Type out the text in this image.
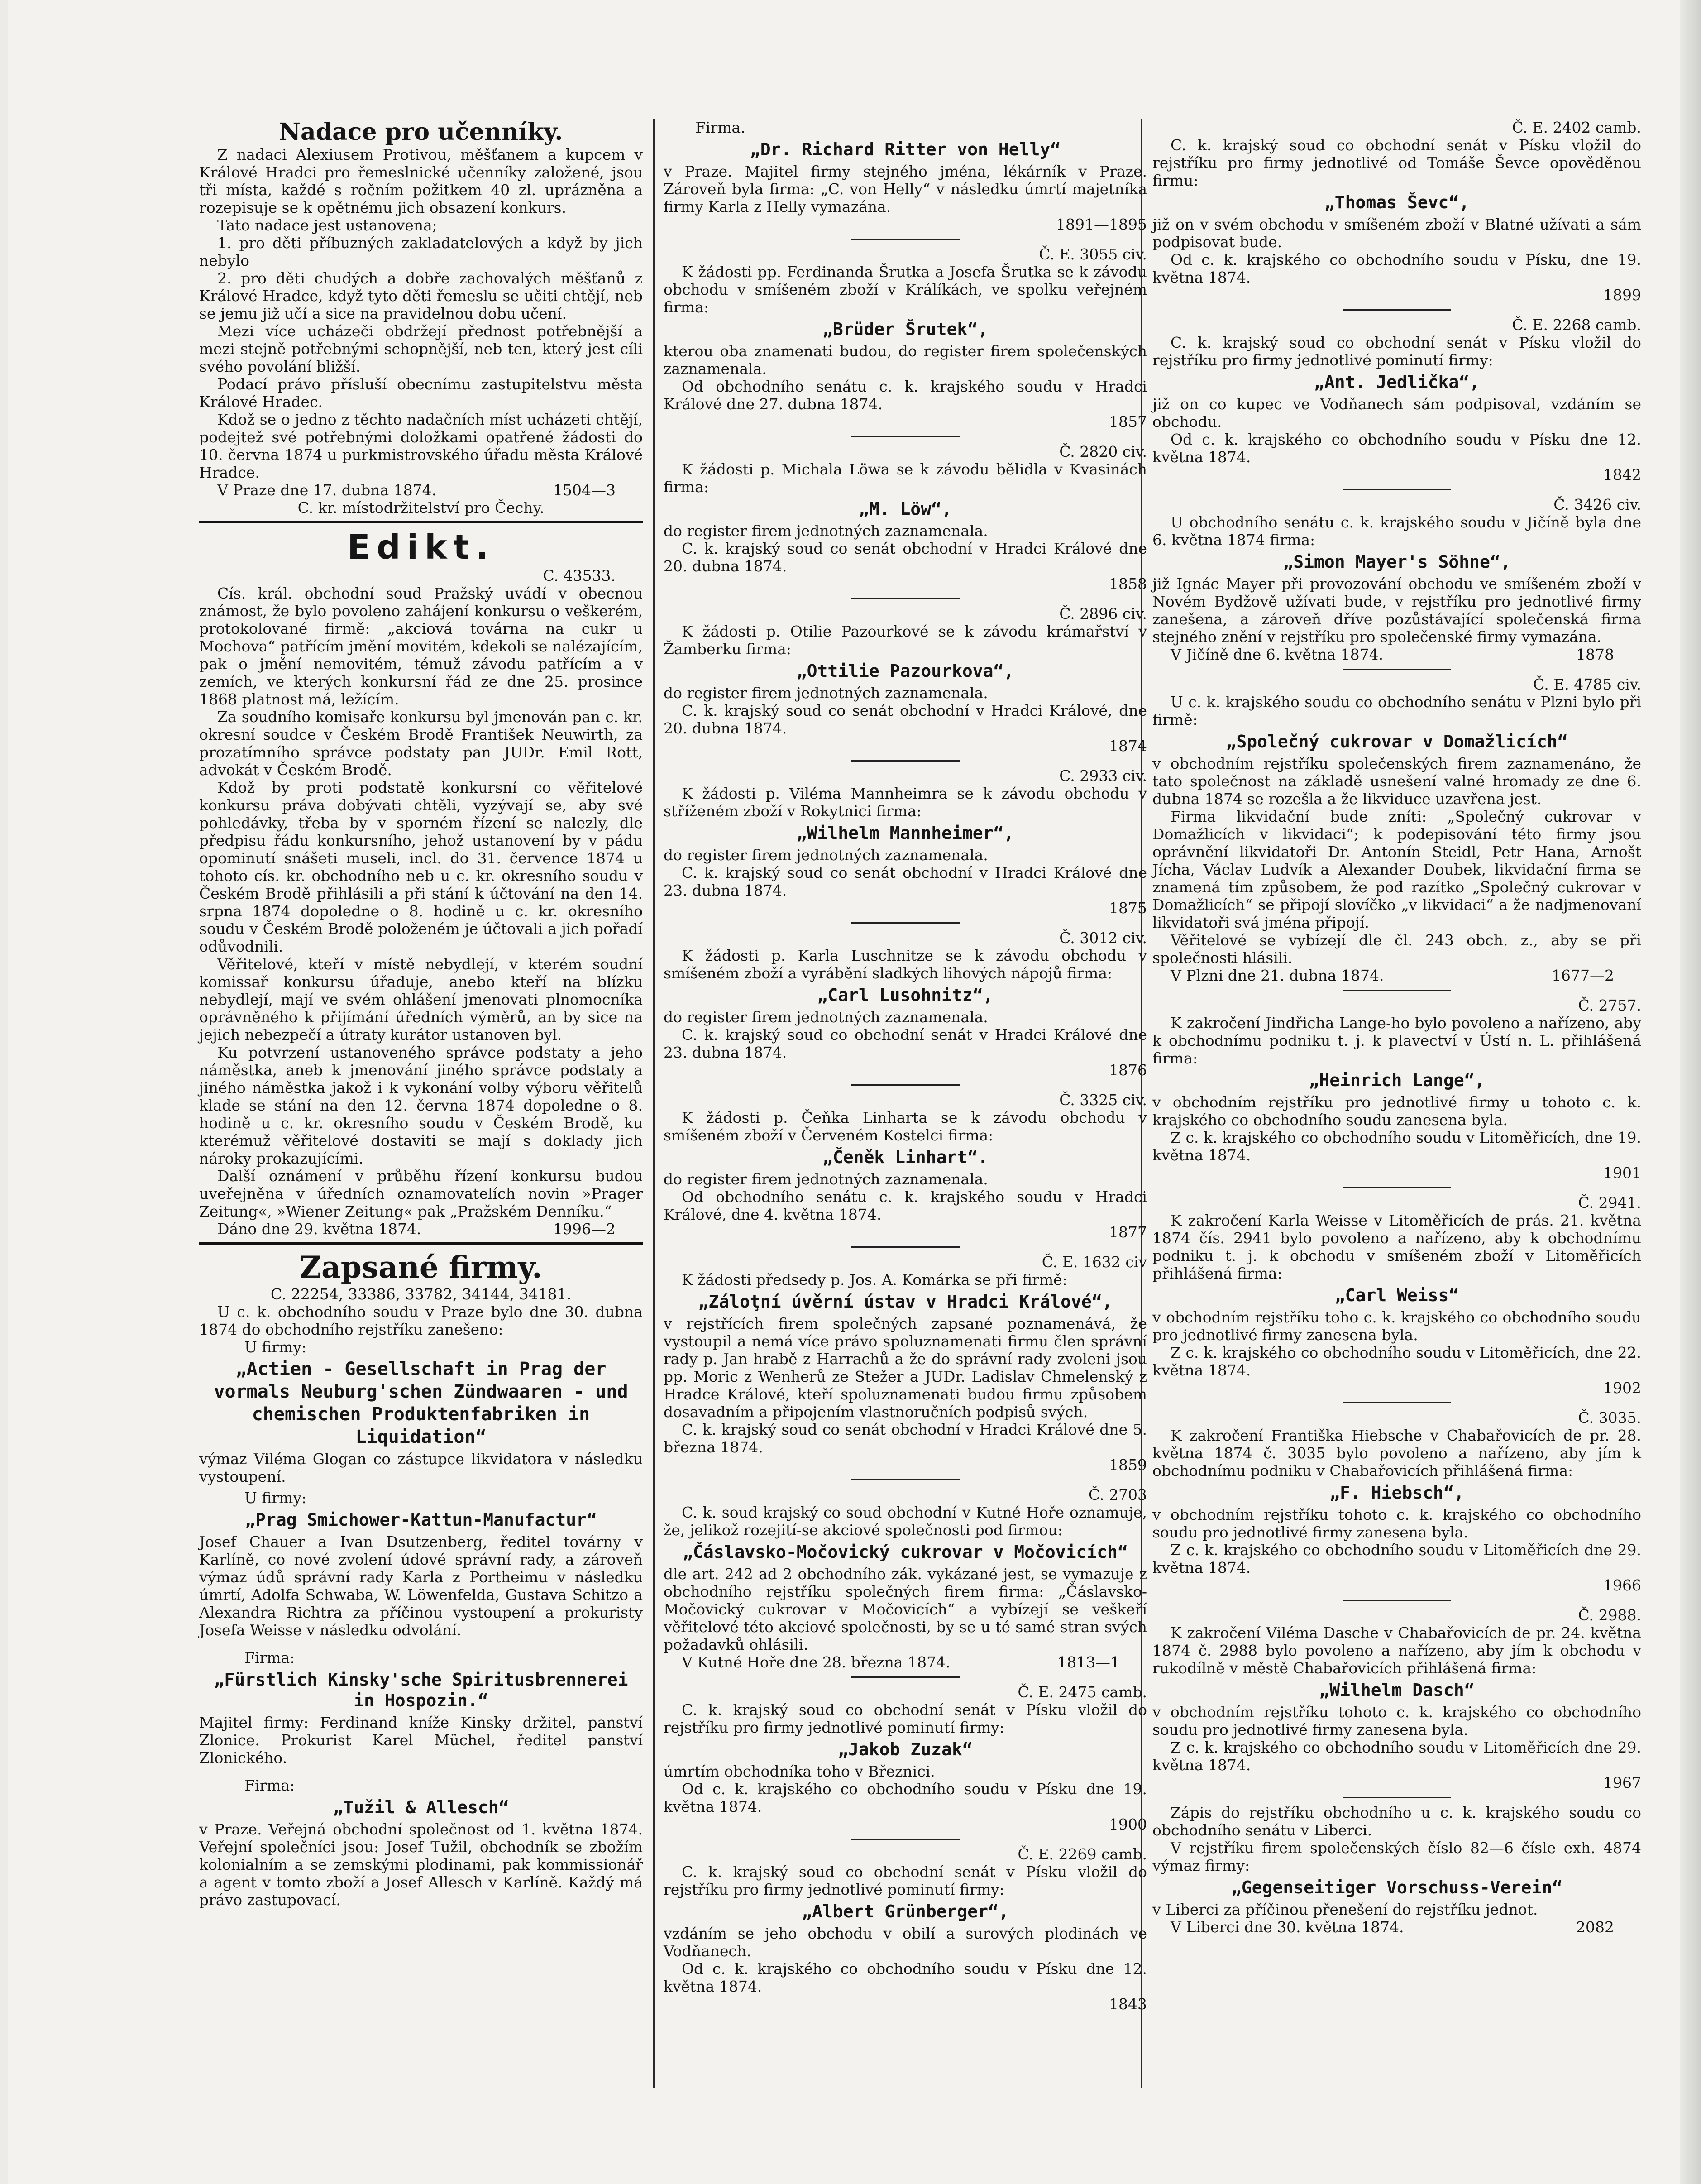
Nadace pro učenníky.

Z nadaci Alexiusem Protivou, měšťanem a kupcem v Králové Hradci pro řemeslnické učenníky založené, jsou tři místa, každé s ročním požitkem 40 zl. uprázněna a rozepisuje se k opětnému jich obsazení konkurs.

Tato nadace jest ustanovena;

1. pro děti příbuzných zakladatelových a když by jich nebylo

2. pro děti chudých a dobře zachovalých měšťanů z Králové Hradce, když tyto děti řemeslu se učiti chtějí, neb se jemu již učí a sice na pravidelnou dobu učení.

Mezi více ucházeči obdržejí přednost potřebnější a mezi stejně potřebnými schopnější, neb ten, který jest cíli svého povolání bližší.

Podací právo přísluší obecnímu zastupitelstvu města Králové Hradec.

Kdož se o jedno z těchto nadačních míst ucházeti chtějí, podejtež své potřebnými doložkami opatřené žádosti do 10. června 1874 u purkmistrovského úřadu města Králové Hradce.

V Praze dne 17. dubna 1874.	1504—3

C. kr. místodržitelství pro Čechy.

Edikt.

C. 43533.

Cís. král. obchodní soud Pražský uvádí v obecnou známost, že bylo povoleno zahájení konkursu o veškerém, protokolované firmě: „akciová továrna na cukr u Mochova“ patřícím jmění movitém, kdekoli se nalézajícím, pak o jmění nemovitém, témuž závodu patřícím a v zemích, ve kterých konkursní řád ze dne 25. prosince 1868 platnost má, ležícím.

Za soudního komisaře konkursu byl jmenován pan c. kr. okresní soudce v Českém Brodě František Neuwirth, za prozatímního správce podstaty pan JUDr. Emil Rott, advokát v Českém Brodě.

Kdož by proti podstatě konkursní co věřitelové konkursu práva dobývati chtěli, vyzývají se, aby své pohledávky, třeba by v sporném řízení se nalezly, dle předpisu řádu konkursního, jehož ustanovení by v pádu opominutí snášeti museli, incl. do 31. července 1874 u tohoto cís. kr. obchodního neb u c. kr. okresního soudu v Českém Brodě přihlásili a při stání k účtování na den 14. srpna 1874 dopoledne o 8. hodině u c. kr. okresního soudu v Českém Brodě položeném je účtovali a jich pořadí odůvodnili.

Věřitelové, kteří v místě nebydlejí, v kterém soudní komissař konkursu úřaduje, anebo kteří na blízku nebydlejí, mají ve svém ohlášení jmenovati plnomocníka oprávněného k přijímání úředních výměrů, an by sice na jejich nebezpečí a útraty kurátor ustanoven byl.

Ku potvrzení ustanoveného správce podstaty a jeho náměstka, aneb k jmenování jiného správce podstaty a jiného náměstka jakož i k vykonání volby výboru věřitelů klade se stání na den 12. června 1874 dopoledne o 8. hodině u c. kr. okresního soudu v Českém Brodě, ku kterémuž věřitelové dostaviti se mají s doklady jich nároky prokazujícími.

Další oznámení v průběhu řízení konkursu budou uveřejněna v úředních oznamovatelích novin »Prager Zeitung«, »Wiener Zeitung« pak „Pražském Denníku.“

Dáno dne 29. května 1874.	1996—2

Zapsané firmy.

C. 22254, 33386, 33782, 34144, 34181.

U c. k. obchodního soudu v Praze bylo dne 30. dubna 1874 do obchodního rejstříku zanešeno:

U firmy:

„Actien - Gesellschaft in Prag der vormals Neuburg'schen Zündwaaren - und chemischen Produktenfabriken in Liquidation“

výmaz Viléma Glogan co zástupce likvidatora v následku vystoupení.

U firmy:

„Prag Smichower-Kattun-Manufactur“

Josef Chauer a Ivan Dsutzenberg, ředitel továrny v Karlíně, co nové zvolení údové správní rady, a zároveň výmaz údů správní rady Karla z Portheimu v následku úmrtí, Adolfa Schwaba, W. Löwenfelda, Gustava Schitzo a Alexandra Richtra za příčinou vystoupení a prokuristy Josefa Weisse v následku odvolání.

Firma:

„Fürstlich Kinsky'sche Spiritusbrennerei in Hospozin.“

Majitel firmy: Ferdinand kníže Kinsky držitel, panství Zlonice. Prokurist Karel Müchel, ředitel panství Zlonického.

Firma:

„Tužil & Allesch“

v Praze. Veřejná obchodní společnost od 1. května 1874. Veřejní společníci jsou: Josef Tužil, obchodník se zbožím kolonialním a se zemskými plodinami, pak kommissionář a agent v tomto zboží a Josef Allesch v Karlíně. Každý má právo zastupovací.

Firma.

„Dr. Richard Ritter von Helly“

v Praze. Majitel firmy stejného jména, lékárník v Praze. Zároveň byla firma: „C. von Helly“ v následku úmrtí majetníka firmy Karla z Helly vymazána.

1891—1895

Č. E. 3055 civ.

K žádosti pp. Ferdinanda Šrutka a Josefa Šrutka se k závodu obchodu v smíšeném zboží v Králíkách, ve spolku veřejném firma:

„Brüder Šrutek“,

kterou oba znamenati budou, do register firem společenských zaznamenala.

Od obchodního senátu c. k. krajského soudu v Hradci Králové dne 27. dubna 1874.

1857

Č. 2820 civ.

K žádosti p. Michala Löwa se k závodu bělidla v Kvasinách firma:

„M. Löw“,

do register firem jednotných zaznamenala.

C. k. krajský soud co senát obchodní v Hradci Králové dne 20. dubna 1874.

1858

Č. 2896 civ.

K žádosti p. Otilie Pazourkové se k závodu krámařství v Žamberku firma:

„Ottilie Pazourkova“,

do register firem jednotných zaznamenala.

C. k. krajský soud co senát obchodní v Hradci Králové, dne 20. dubna 1874.

1874

C. 2933 civ.

K žádosti p. Viléma Mannheimra se k závodu obchodu v stříženém zboží v Rokytnici firma:

„Wilhelm Mannheimer“,

do register firem jednotných zaznamenala.

C. k. krajský soud co senát obchodní v Hradci Králové dne 23. dubna 1874.

1875

Č. 3012 civ.

K žádosti p. Karla Luschnitze se k závodu obchodu v smíšeném zboží a vyrábění sladkých lihových nápojů firma:

„Carl Lusohnitz“,

do register firem jednotných zaznamenala.

C. k. krajský soud co obchodní senát v Hradci Králové dne 23. dubna 1874.

1876

Č. 3325 civ.

K žádosti p. Čeňka Linharta se k závodu obchodu v smíšeném zboží v Červeném Kostelci firma:

„Čeněk Linhart“.

do register firem jednotných zaznamenala.

Od obchodního senátu c. k. krajského soudu v Hradci Králové, dne 4. května 1874.

1877

Č. E. 1632 civ

K žádosti předsedy p. Jos. A. Komárka se při firmě:

„Záloţní úvěrní ústav v Hradci Králové“,

v rejstřících firem společných zapsané poznamenává, že vystoupil a nemá více právo spoluznamenati firmu člen správní rady p. Jan hrabě z Harrachů a že do správní rady zvoleni jsou pp. Moric z Wenherů ze Stežer a JUDr. Ladislav Chmelenský z Hradce Králové, kteří spoluznamenati budou firmu způsobem dosavadním a připojením vlastnoručních podpisů svých.

C. k. krajský soud co senát obchodní v Hradci Králové dne 5. března 1874.

1859

Č. 2703

C. k. soud krajský co soud obchodní v Kutné Hoře oznamuje, že, jelikož rozejití-se akciové společnosti pod firmou:

„Čáslavsko-Močovický cukrovar v Močovicích“

dle art. 242 ad 2 obchodního zák. vykázané jest, se vymazuje z obchodního rejstříku společných firem firma: „Čáslavsko-Močovický cukrovar v Močovicích“ a vybízejí se veškeří věřitelové této akciové společnosti, by se u té samé stran svých požadavků ohlásili.

V Kutné Hoře dne 28. března 1874.	1813—1

Č. E. 2475 camb.

C. k. krajský soud co obchodní senát v Písku vložil do rejstříku pro firmy jednotlivé pominutí firmy:

„Jakob Zuzak“

úmrtím obchodníka toho v Březnici.

Od c. k. krajského co obchodního soudu v Písku dne 19. května 1874.

1900

Č. E. 2269 camb.

C. k. krajský soud co obchodní senát v Písku vložil do rejstříku pro firmy jednotlivé pominutí firmy:

„Albert Grünberger“,

vzdáním se jeho obchodu v obilí a surových plodinách ve Vodňanech.

Od c. k. krajského co obchodního soudu v Písku dne 12. května 1874.

1843

Č. E. 2402 camb.

C. k. krajský soud co obchodní senát v Písku vložil do rejstříku pro firmy jednotlivé od Tomáše Ševce opověděnou firmu:

„Thomas Ševc“,

již on v svém obchodu v smíšeném zboží v Blatné užívati a sám podpisovat bude.

Od c. k. krajského co obchodního soudu v Písku, dne 19. května 1874.

1899

Č. E. 2268 camb.

C. k. krajský soud co obchodní senát v Písku vložil do rejstříku pro firmy jednotlivé pominutí firmy:

„Ant. Jedlička“,

již on co kupec ve Vodňanech sám podpisoval, vzdáním se obchodu.

Od c. k. krajského co obchodního soudu v Písku dne 12. května 1874.

1842

Č. 3426 civ.

U obchodního senátu c. k. krajského soudu v Jičíně byla dne 6. května 1874 firma:

„Simon Mayer's Söhne“,

již Ignác Mayer při provozování obchodu ve smíšeném zboží v Novém Bydžově užívati bude, v rejstříku pro jednotlivé firmy zanešena, a zároveň dříve pozůstávající společenská firma stejného znění v rejstříku pro společenské firmy vymazána.

V Jičíně dne 6. května 1874.	1878

Č. E. 4785 civ.

U c. k. krajského soudu co obchodního senátu v Plzni bylo při firmě:

„Společný cukrovar v Domažlicích“

v obchodním rejstříku společenských firem zaznamenáno, že tato společnost na základě usnešení valné hromady ze dne 6. dubna 1874 se rozešla a že likviduce uzavřena jest.

Firma likvidační bude zníti: „Společný cukrovar v Domažlicích v likvidaci“; k podepisování této firmy jsou oprávnění likvidatoři Dr. Antonín Steidl, Petr Hana, Arnošt Jícha, Václav Ludvík a Alexander Doubek, likvidační firma se znamená tím způsobem, že pod razítko „Společný cukrovar v Domažlicích“ se připojí slovíčko „v likvidaci“ a že nadjmenovaní likvidatoři svá jména připojí.

Věřitelové se vybízejí dle čl. 243 obch. z., aby se při společnosti hlásili.

V Plzni dne 21. dubna 1874.	1677—2

Č. 2757.

K zakročení Jindřicha Lange-ho bylo povoleno a nařízeno, aby k obchodnímu podniku t. j. k plavectví v Ústí n. L. přihlášená firma:

„Heinrich Lange“,

v obchodním rejstříku pro jednotlivé firmy u tohoto c. k. krajského co obchodního soudu zanesena byla.

Z c. k. krajského co obchodního soudu v Litoměřicích, dne 19. května 1874.

1901

Č. 2941.

K zakročení Karla Weisse v Litoměřicích de prás. 21. května 1874 čís. 2941 bylo povoleno a nařízeno, aby k obchodnímu podniku t. j. k obchodu v smíšeném zboží v Litoměřicích přihlášená firma:

„Carl Weiss“

v obchodním rejstříku toho c. k. krajského co obchodního soudu pro jednotlivé firmy zanesena byla.

Z c. k. krajského co obchodního soudu v Litoměřicích, dne 22. května 1874.

1902

Č. 3035.

K zakročení Františka Hiebsche v Chabařovicích de pr. 28. května 1874 č. 3035 bylo povoleno a nařízeno, aby jím k obchodnímu podniku v Chabařovicích přihlášená firma:

„F. Hiebsch“,

v obchodním rejstříku tohoto c. k. krajského co obchodního soudu pro jednotlivé firmy zanesena byla.

Z c. k. krajského co obchodního soudu v Litoměřicích dne 29. května 1874.

1966

Č. 2988.

K zakročení Viléma Dasche v Chabařovicích de pr. 24. května 1874 č. 2988 bylo povoleno a nařízeno, aby jím k obchodu v rukodílně v městě Chabařovicích přihlášená firma:

„Wilhelm Dasch“

v obchodním rejstříku tohoto c. k. krajského co obchodního soudu pro jednotlivé firmy zanesena byla.

Z c. k. krajského co obchodního soudu v Litoměřicích dne 29. května 1874.

1967

Zápis do rejstříku obchodního u c. k. krajského soudu co obchodního senátu v Liberci.

V rejstříku firem společenských číslo 82—6 čísle exh. 4874 výmaz firmy:

„Gegenseitiger Vorschuss-Verein“

v Liberci za příčinou přenešení do rejstříku jednot.

V Liberci dne 30. května 1874.	2082
